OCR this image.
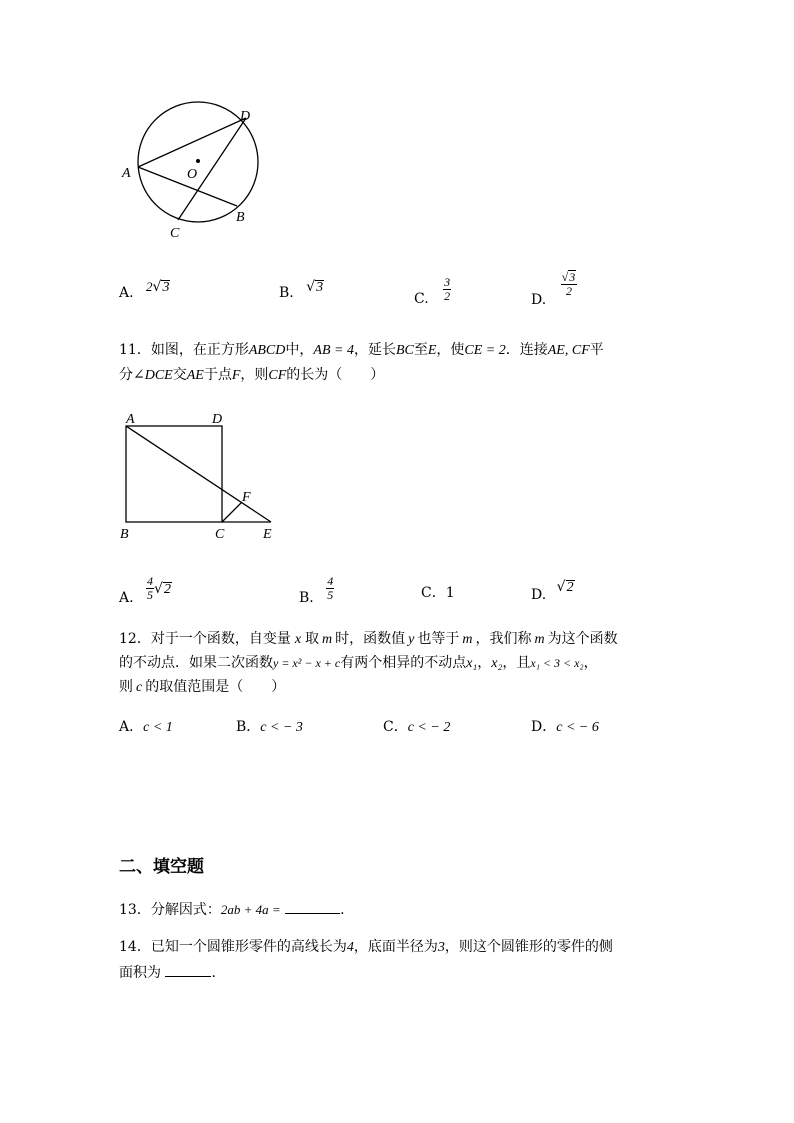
D
A	O
B
C
A. 2√3	B. √3
C. $\frac{3}{2}$	D.
$\frac{√3}{2}$
11．如图，在正方形ABCD中，AB = 4，延长BC至E，使CE = 2．连接AE, CF平
分∠DCE交AE于点F，则CF的长为（　　）
A	D
F
B	C	E
A. $\frac{4}{5} √2$
B. $\frac{4}{5}$	C．1	D. √2
12．对于一个函数，自变量 x 取 m 时，函数值 y 也等于 m ，我们称 m 为这个函数
的不动点．如果二次函数y = x² − x + c有两个相异的不动点x₁，x₂，且x₁ < 3 < x₂，
则 c 的取值范围是（　　）
A．c < 1	B．c < − 3	C．c < − 2	D．c < − 6
二、填空题
13．分解因式：2ab + 4a =	.
14．已知一个圆锥形零件的高线长为4，底面半径为3，则这个圆锥形的零件的侧
面积为	.
